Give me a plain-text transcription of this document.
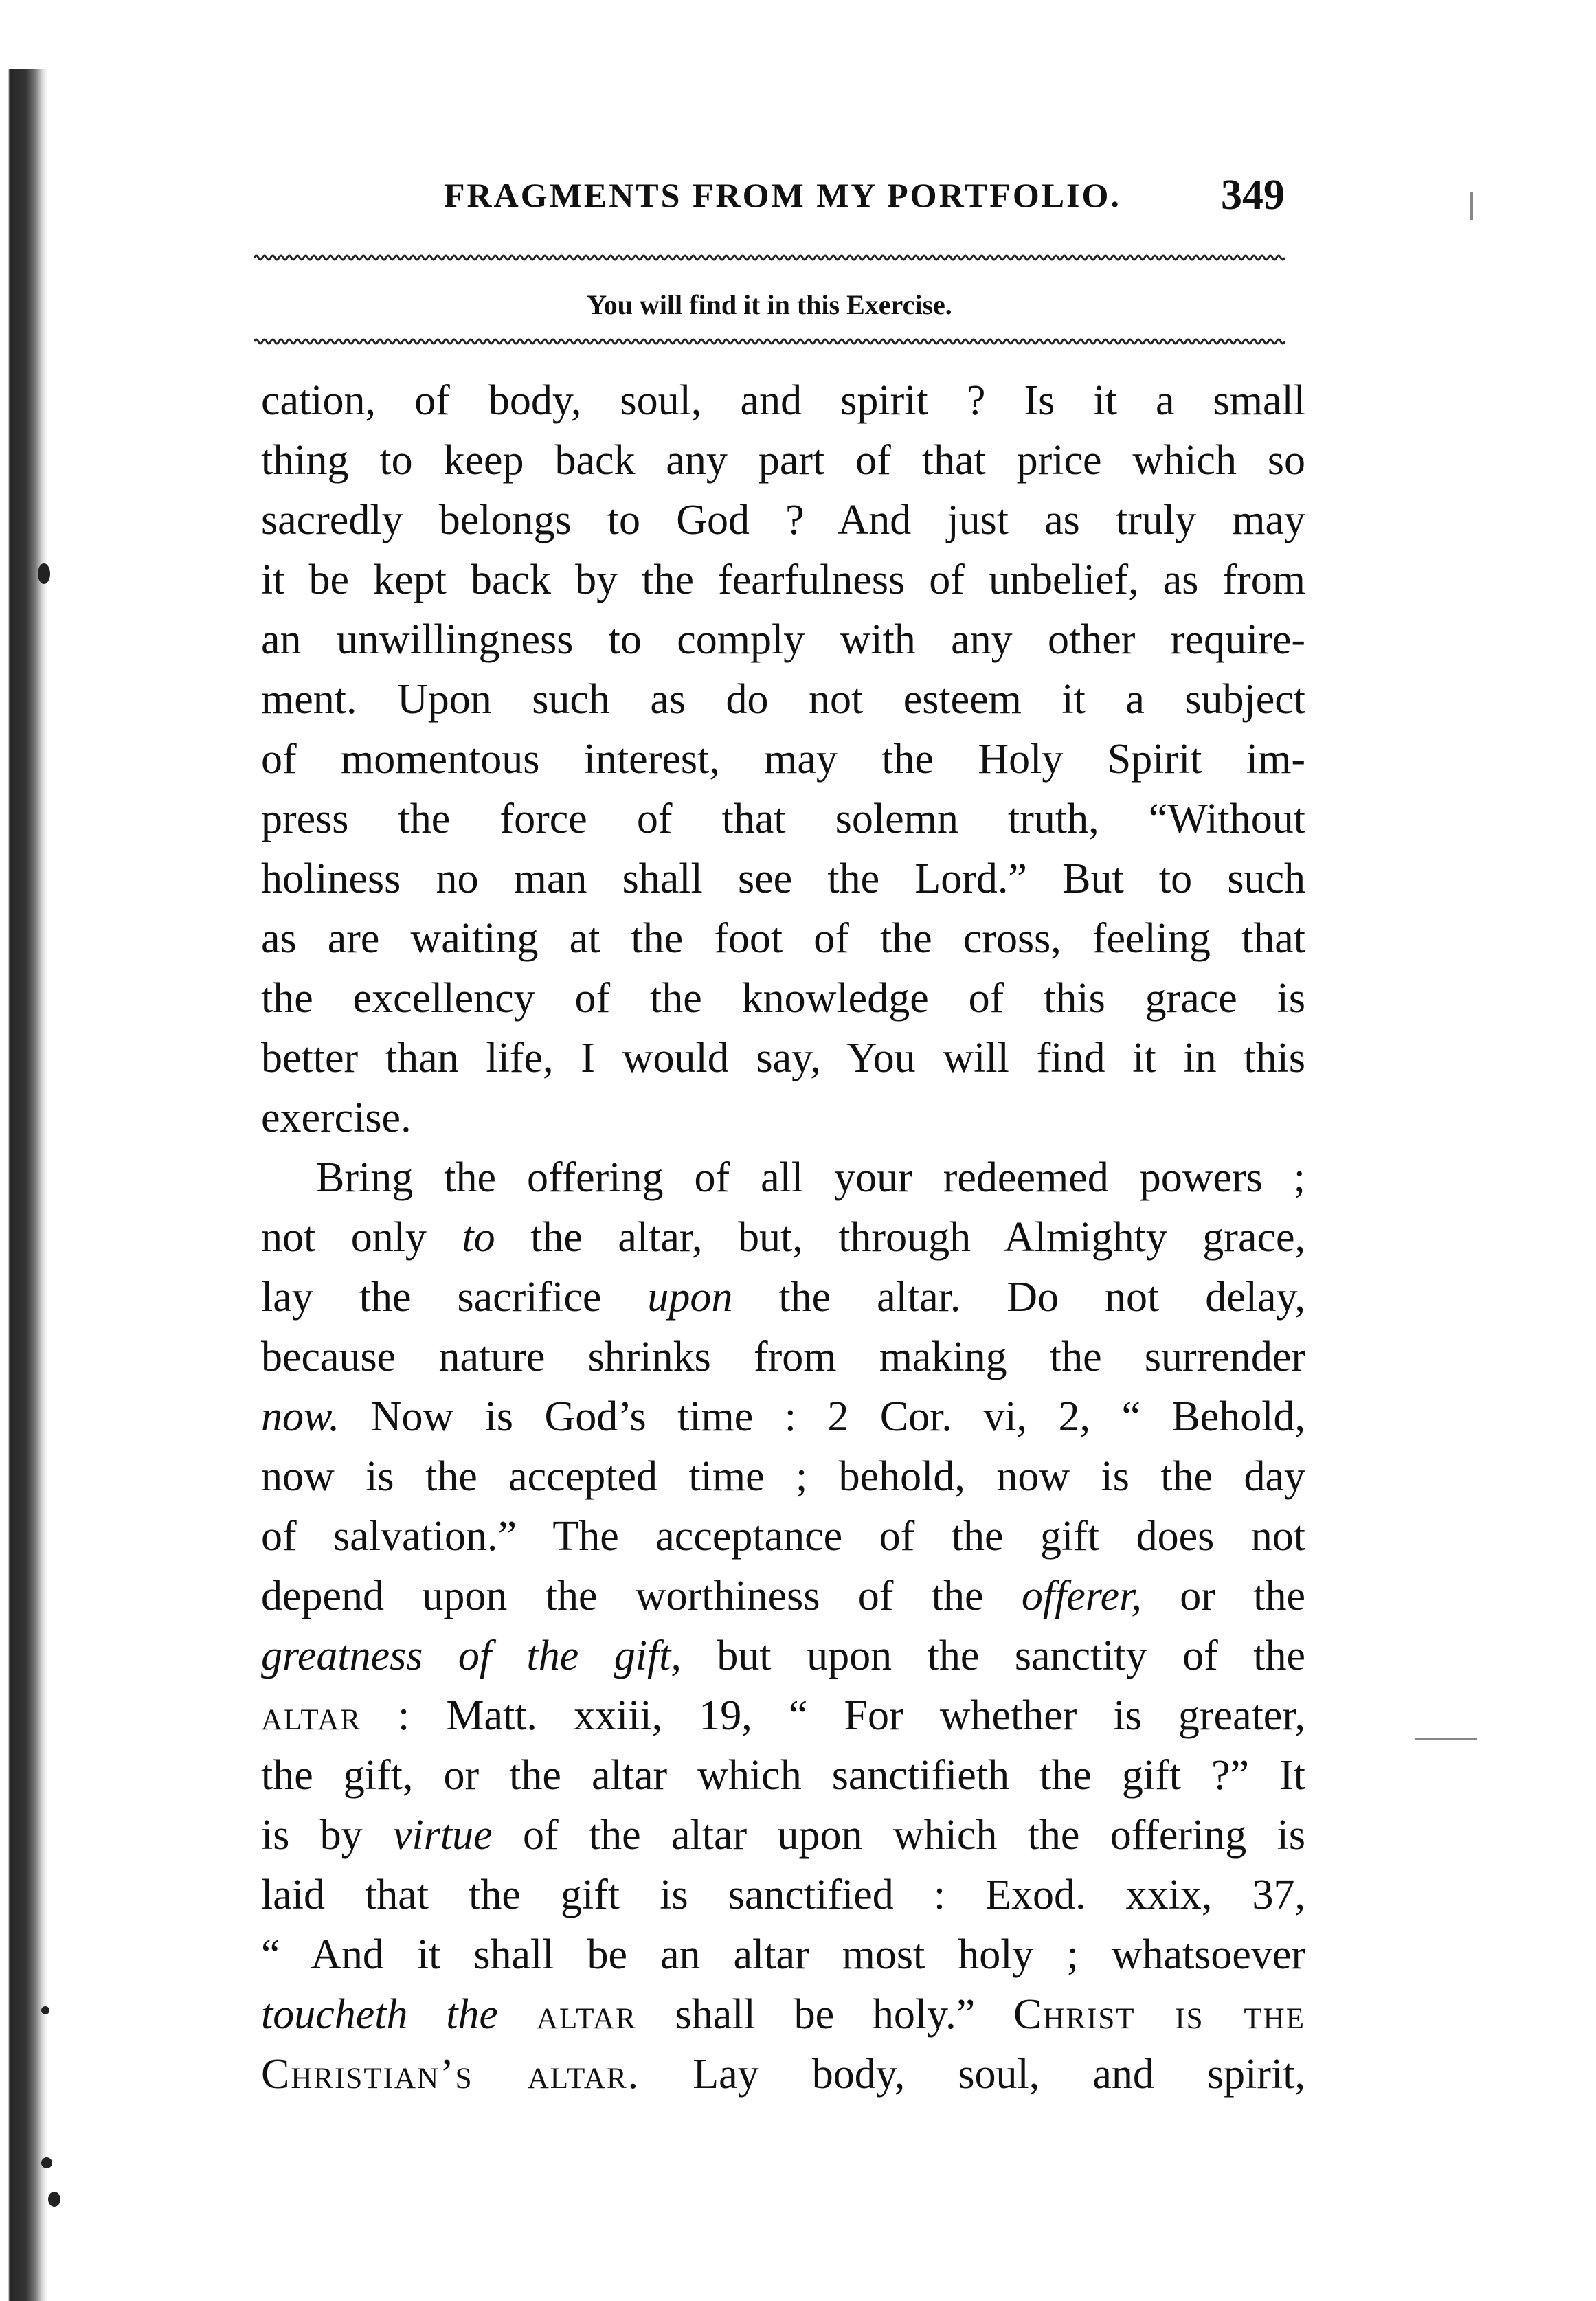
FRAGMENTS FROM MY PORTFOLIO. 349
You will find it in this Exercise.
cation, of body, soul, and spirit ? Is it a small
thing to keep back any part of that price which so
sacredly belongs to God ? And just as truly may
it be kept back by the fearfulness of unbelief, as from
an unwillingness to comply with any other require-
ment. Upon such as do not esteem it a subject
of momentous interest, may the Holy Spirit im-
press the force of that solemn truth, “Without
holiness no man shall see the Lord.” But to such
as are waiting at the foot of the cross, feeling that
the excellency of the knowledge of this grace is
better than life, I would say, You will find it in this
exercise.
Bring the offering of all your redeemed powers ;
not only to the altar, but, through Almighty grace,
lay the sacrifice upon the altar. Do not delay,
because nature shrinks from making the surrender
now. Now is God’s time : 2 Cor. vi, 2, “ Behold,
now is the accepted time ; behold, now is the day
of salvation.” The acceptance of the gift does not
depend upon the worthiness of the offerer, or the
greatness of the gift, but upon the sanctity of the
altar : Matt. xxiii, 19, “ For whether is greater,
the gift, or the altar which sanctifieth the gift ?” It
is by virtue of the altar upon which the offering is
laid that the gift is sanctified : Exod. xxix, 37,
“ And it shall be an altar most holy ; whatsoever
toucheth the altar shall be holy.” Christ is the
Christian’s altar. Lay body, soul, and spirit,
